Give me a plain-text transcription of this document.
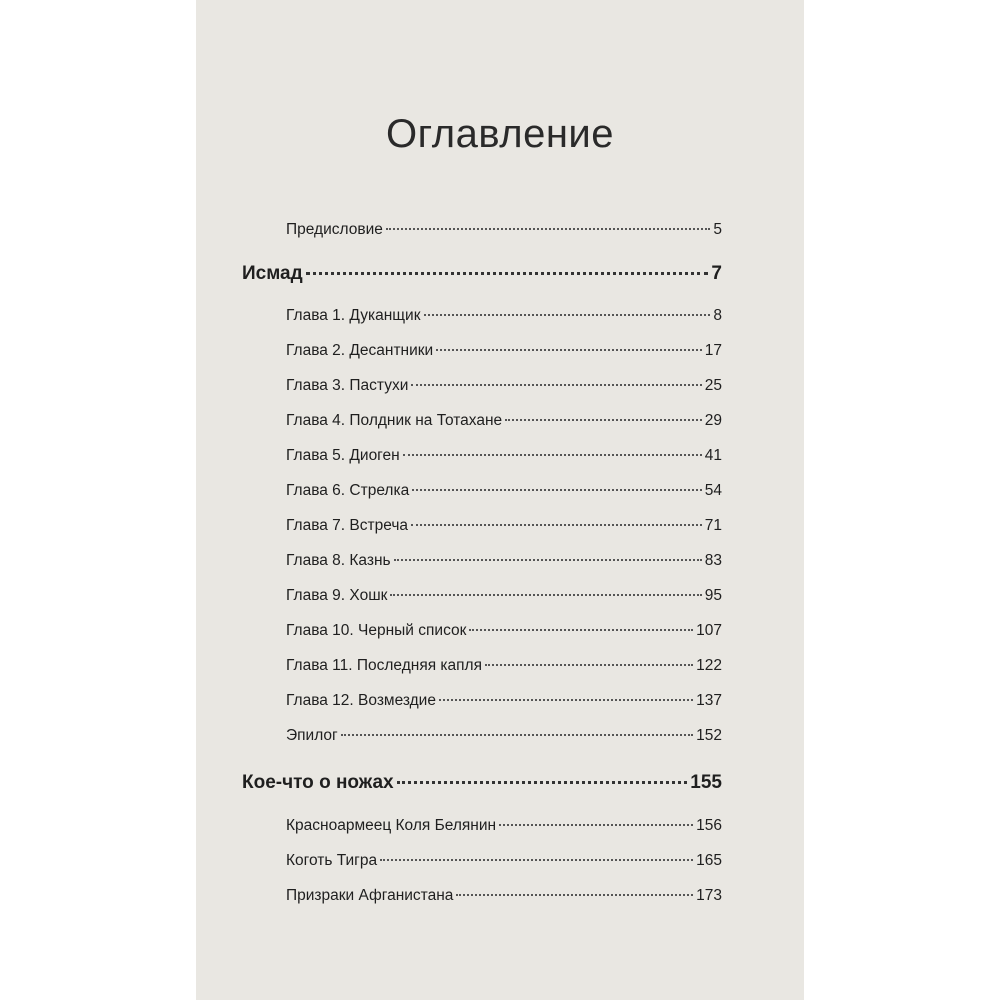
Оглавление
Предисловие	5
Исмад	7
Глава 1. Дуканщик	8
Глава 2. Десантники	17
Глава 3. Пастухи	25
Глава 4. Полдник на Тотахане	29
Глава 5. Диоген	41
Глава 6. Стрелка	54
Глава 7. Встреча	71
Глава 8. Казнь	83
Глава 9. Хошк	95
Глава 10. Черный список	107
Глава 11. Последняя капля	122
Глава 12. Возмездие	137
Эпилог	152
Кое-что о ножах	155
Красноармеец Коля Белянин	156
Коготь Тигра	165
Призраки Афганистана	173
